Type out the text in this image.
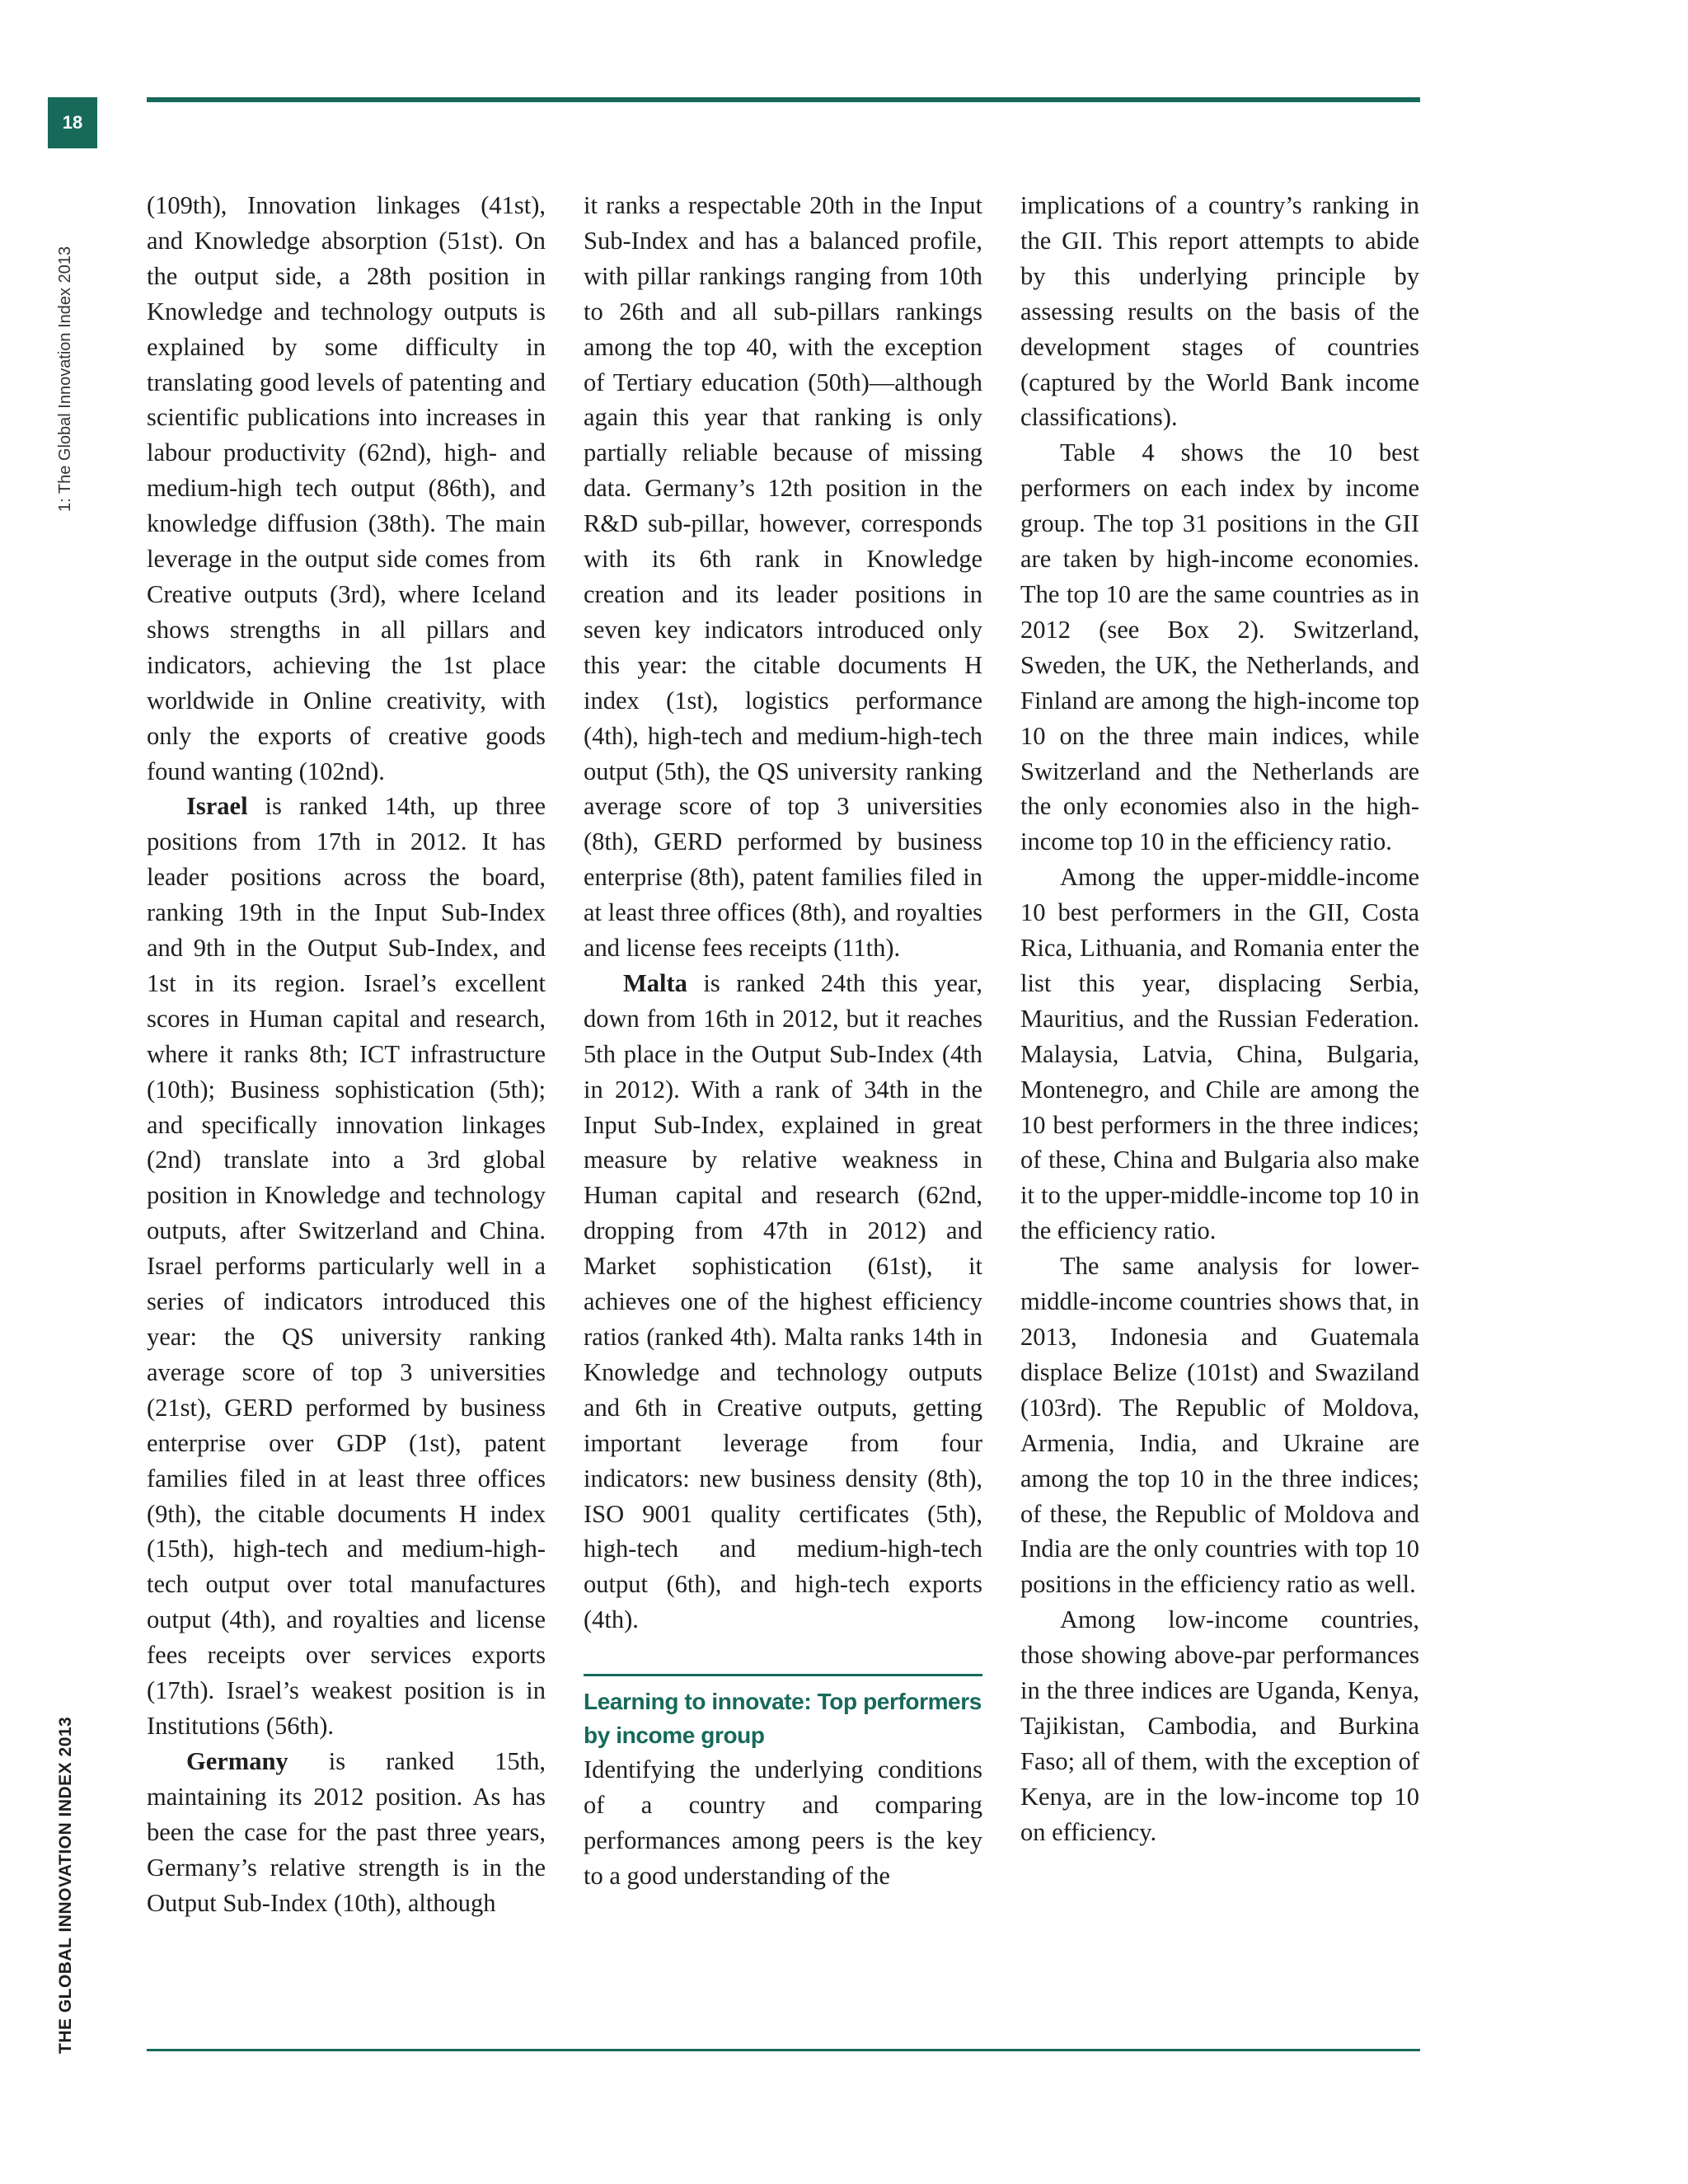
18
1: The Global Innovation Index 2013
THE GLOBAL INNOVATION INDEX 2013

(109th), Innovation linkages (41st), and Knowledge absorption (51st). On the output side, a 28th position in Knowledge and technology outputs is explained by some difficulty in translating good levels of patenting and scientific publications into increases in labour productivity (62nd), high- and medium-high tech output (86th), and knowledge diffusion (38th). The main leverage in the output side comes from Creative outputs (3rd), where Iceland shows strengths in all pillars and indicators, achieving the 1st place worldwide in Online creativity, with only the exports of creative goods found wanting (102nd).

Israel is ranked 14th, up three positions from 17th in 2012. It has leader positions across the board, ranking 19th in the Input Sub-Index and 9th in the Output Sub-Index, and 1st in its region. Israel’s excellent scores in Human capital and research, where it ranks 8th; ICT infrastructure (10th); Business sophistication (5th); and specifically innovation linkages (2nd) translate into a 3rd global position in Knowledge and technology outputs, after Switzerland and China. Israel performs particularly well in a series of indicators introduced this year: the QS university ranking average score of top 3 universities (21st), GERD performed by business enterprise over GDP (1st), patent families filed in at least three offices (9th), the citable documents H index (15th), high-tech and medium-high-tech output over total manufactures output (4th), and royalties and license fees receipts over services exports (17th). Israel’s weakest position is in Institutions (56th).

Germany is ranked 15th, maintaining its 2012 position. As has been the case for the past three years, Germany’s relative strength is in the Output Sub-Index (10th), although

it ranks a respectable 20th in the Input Sub-Index and has a balanced profile, with pillar rankings ranging from 10th to 26th and all sub-pillars rankings among the top 40, with the exception of Tertiary education (50th)—although again this year that ranking is only partially reliable because of missing data. Germany’s 12th position in the R&D sub-pillar, however, corresponds with its 6th rank in Knowledge creation and its leader positions in seven key indicators introduced only this year: the citable documents H index (1st), logistics performance (4th), high-tech and medium-high-tech output (5th), the QS university ranking average score of top 3 universities (8th), GERD performed by business enterprise (8th), patent families filed in at least three offices (8th), and royalties and license fees receipts (11th).

Malta is ranked 24th this year, down from 16th in 2012, but it reaches 5th place in the Output Sub-Index (4th in 2012). With a rank of 34th in the Input Sub-Index, explained in great measure by relative weakness in Human capital and research (62nd, dropping from 47th in 2012) and Market sophistication (61st), it achieves one of the highest efficiency ratios (ranked 4th). Malta ranks 14th in Knowledge and technology outputs and 6th in Creative outputs, getting important leverage from four indicators: new business density (8th), ISO 9001 quality certificates (5th), high-tech and medium-high-tech output (6th), and high-tech exports (4th).

Learning to innovate: Top performers by income group

Identifying the underlying conditions of a country and comparing performances among peers is the key to a good understanding of the

implications of a country’s ranking in the GII. This report attempts to abide by this underlying principle by assessing results on the basis of the development stages of countries (captured by the World Bank income classifications).

Table 4 shows the 10 best performers on each index by income group. The top 31 positions in the GII are taken by high-income economies. The top 10 are the same countries as in 2012 (see Box 2). Switzerland, Sweden, the UK, the Netherlands, and Finland are among the high-income top 10 on the three main indices, while Switzerland and the Netherlands are the only economies also in the high-income top 10 in the efficiency ratio.

Among the upper-middle-income 10 best performers in the GII, Costa Rica, Lithuania, and Romania enter the list this year, displacing Serbia, Mauritius, and the Russian Federation. Malaysia, Latvia, China, Bulgaria, Montenegro, and Chile are among the 10 best performers in the three indices; of these, China and Bulgaria also make it to the upper-middle-income top 10 in the efficiency ratio.

The same analysis for lower-middle-income countries shows that, in 2013, Indonesia and Guatemala displace Belize (101st) and Swaziland (103rd). The Republic of Moldova, Armenia, India, and Ukraine are among the top 10 in the three indices; of these, the Republic of Moldova and India are the only countries with top 10 positions in the efficiency ratio as well.

Among low-income countries, those showing above-par performances in the three indices are Uganda, Kenya, Tajikistan, Cambodia, and Burkina Faso; all of them, with the exception of Kenya, are in the low-income top 10 on efficiency.
